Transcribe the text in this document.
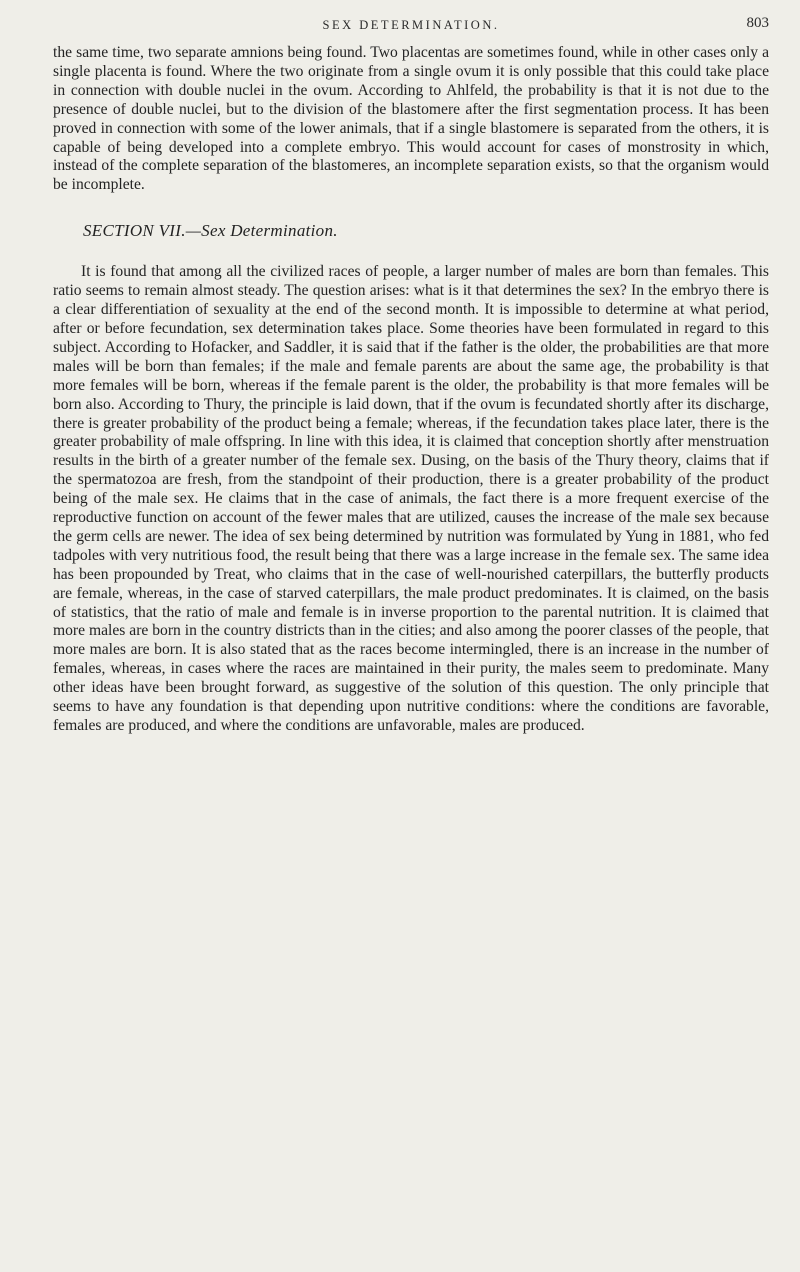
SEX DETERMINATION.	803

the same time, two separate amnions being found. Two placentas are sometimes found, while in other cases only a single placenta is found. Where the two originate from a single ovum it is only possible that this could take place in connection with double nuclei in the ovum. According to Ahlfeld, the probability is that it is not due to the presence of double nuclei, but to the division of the blastomere after the first segmentation process. It has been proved in connection with some of the lower animals, that if a single blastomere is separated from the others, it is capable of being developed into a complete embryo. This would account for cases of monstrosity in which, instead of the complete separation of the blastomeres, an incomplete separation exists, so that the organism would be incomplete.

SECTION VII.—Sex Determination.

It is found that among all the civilized races of people, a larger number of males are born than females. This ratio seems to remain almost steady. The question arises: what is it that determines the sex? In the embryo there is a clear differentiation of sexuality at the end of the second month. It is impossible to determine at what period, after or before fecundation, sex determination takes place. Some theories have been formulated in regard to this subject. According to Hofacker, and Saddler, it is said that if the father is the older, the probabilities are that more males will be born than females; if the male and female parents are about the same age, the probability is that more females will be born, whereas if the female parent is the older, the probability is that more females will be born also. According to Thury, the principle is laid down, that if the ovum is fecundated shortly after its discharge, there is greater probability of the product being a female; whereas, if the fecundation takes place later, there is the greater probability of male offspring. In line with this idea, it is claimed that conception shortly after menstruation results in the birth of a greater number of the female sex. Dusing, on the basis of the Thury theory, claims that if the spermatozoa are fresh, from the standpoint of their production, there is a greater probability of the product being of the male sex. He claims that in the case of animals, the fact there is a more frequent exercise of the reproductive function on account of the fewer males that are utilized, causes the increase of the male sex because the germ cells are newer. The idea of sex being determined by nutrition was formulated by Yung in 1881, who fed tadpoles with very nutritious food, the result being that there was a large increase in the female sex. The same idea has been propounded by Treat, who claims that in the case of well-nourished caterpillars, the butterfly products are female, whereas, in the case of starved caterpillars, the male product predominates. It is claimed, on the basis of statistics, that the ratio of male and female is in inverse proportion to the parental nutrition. It is claimed that more males are born in the country districts than in the cities; and also among the poorer classes of the people, that more males are born. It is also stated that as the races become intermingled, there is an increase in the number of females, whereas, in cases where the races are maintained in their purity, the males seem to predominate. Many other ideas have been brought forward, as suggestive of the solution of this question. The only principle that seems to have any foundation is that depending upon nutritive conditions: where the conditions are favorable, females are produced, and where the conditions are unfavorable, males are produced.
